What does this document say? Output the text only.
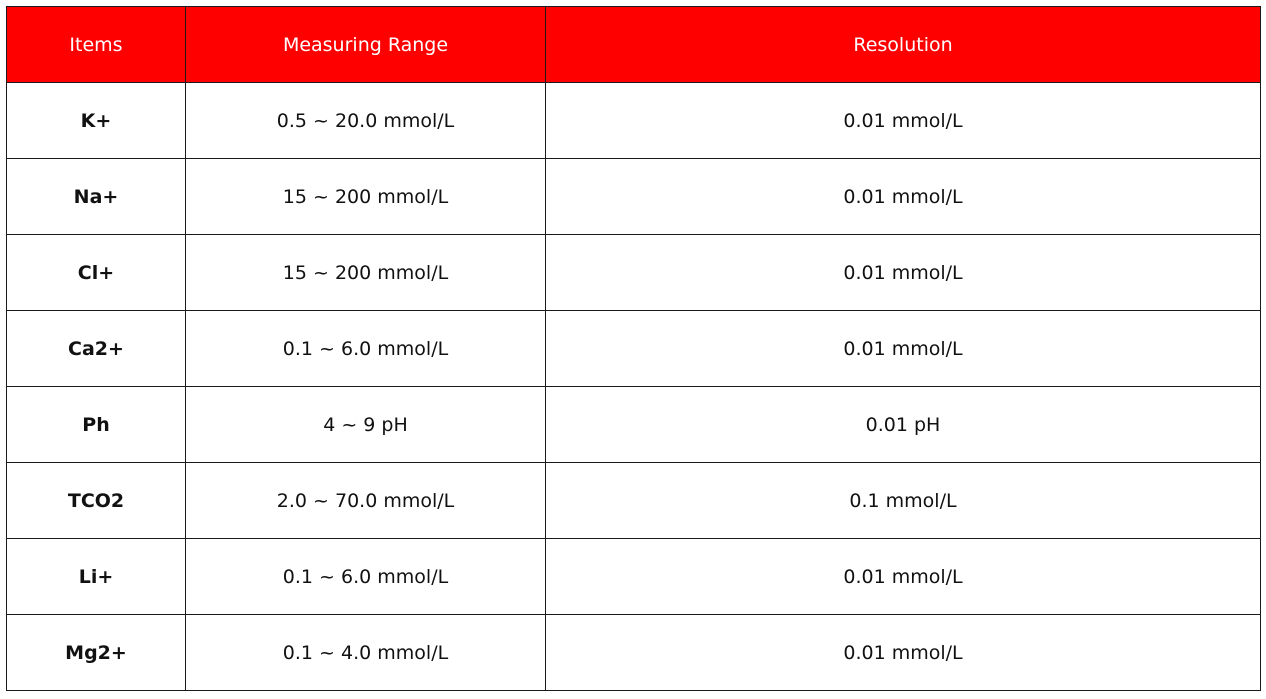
Items	Measuring Range	Resolution
K+	0.5 ~ 20.0 mmol/L	0.01 mmol/L
Na+	15 ~ 200 mmol/L	0.01 mmol/L
Cl+	15 ~ 200 mmol/L	0.01 mmol/L
Ca2+	0.1 ~ 6.0 mmol/L	0.01 mmol/L
Ph	4 ~ 9 pH	0.01 pH
TCO2	2.0 ~ 70.0 mmol/L	0.1 mmol/L
Li+	0.1 ~ 6.0 mmol/L	0.01 mmol/L
Mg2+	0.1 ~ 4.0 mmol/L	0.01 mmol/L
